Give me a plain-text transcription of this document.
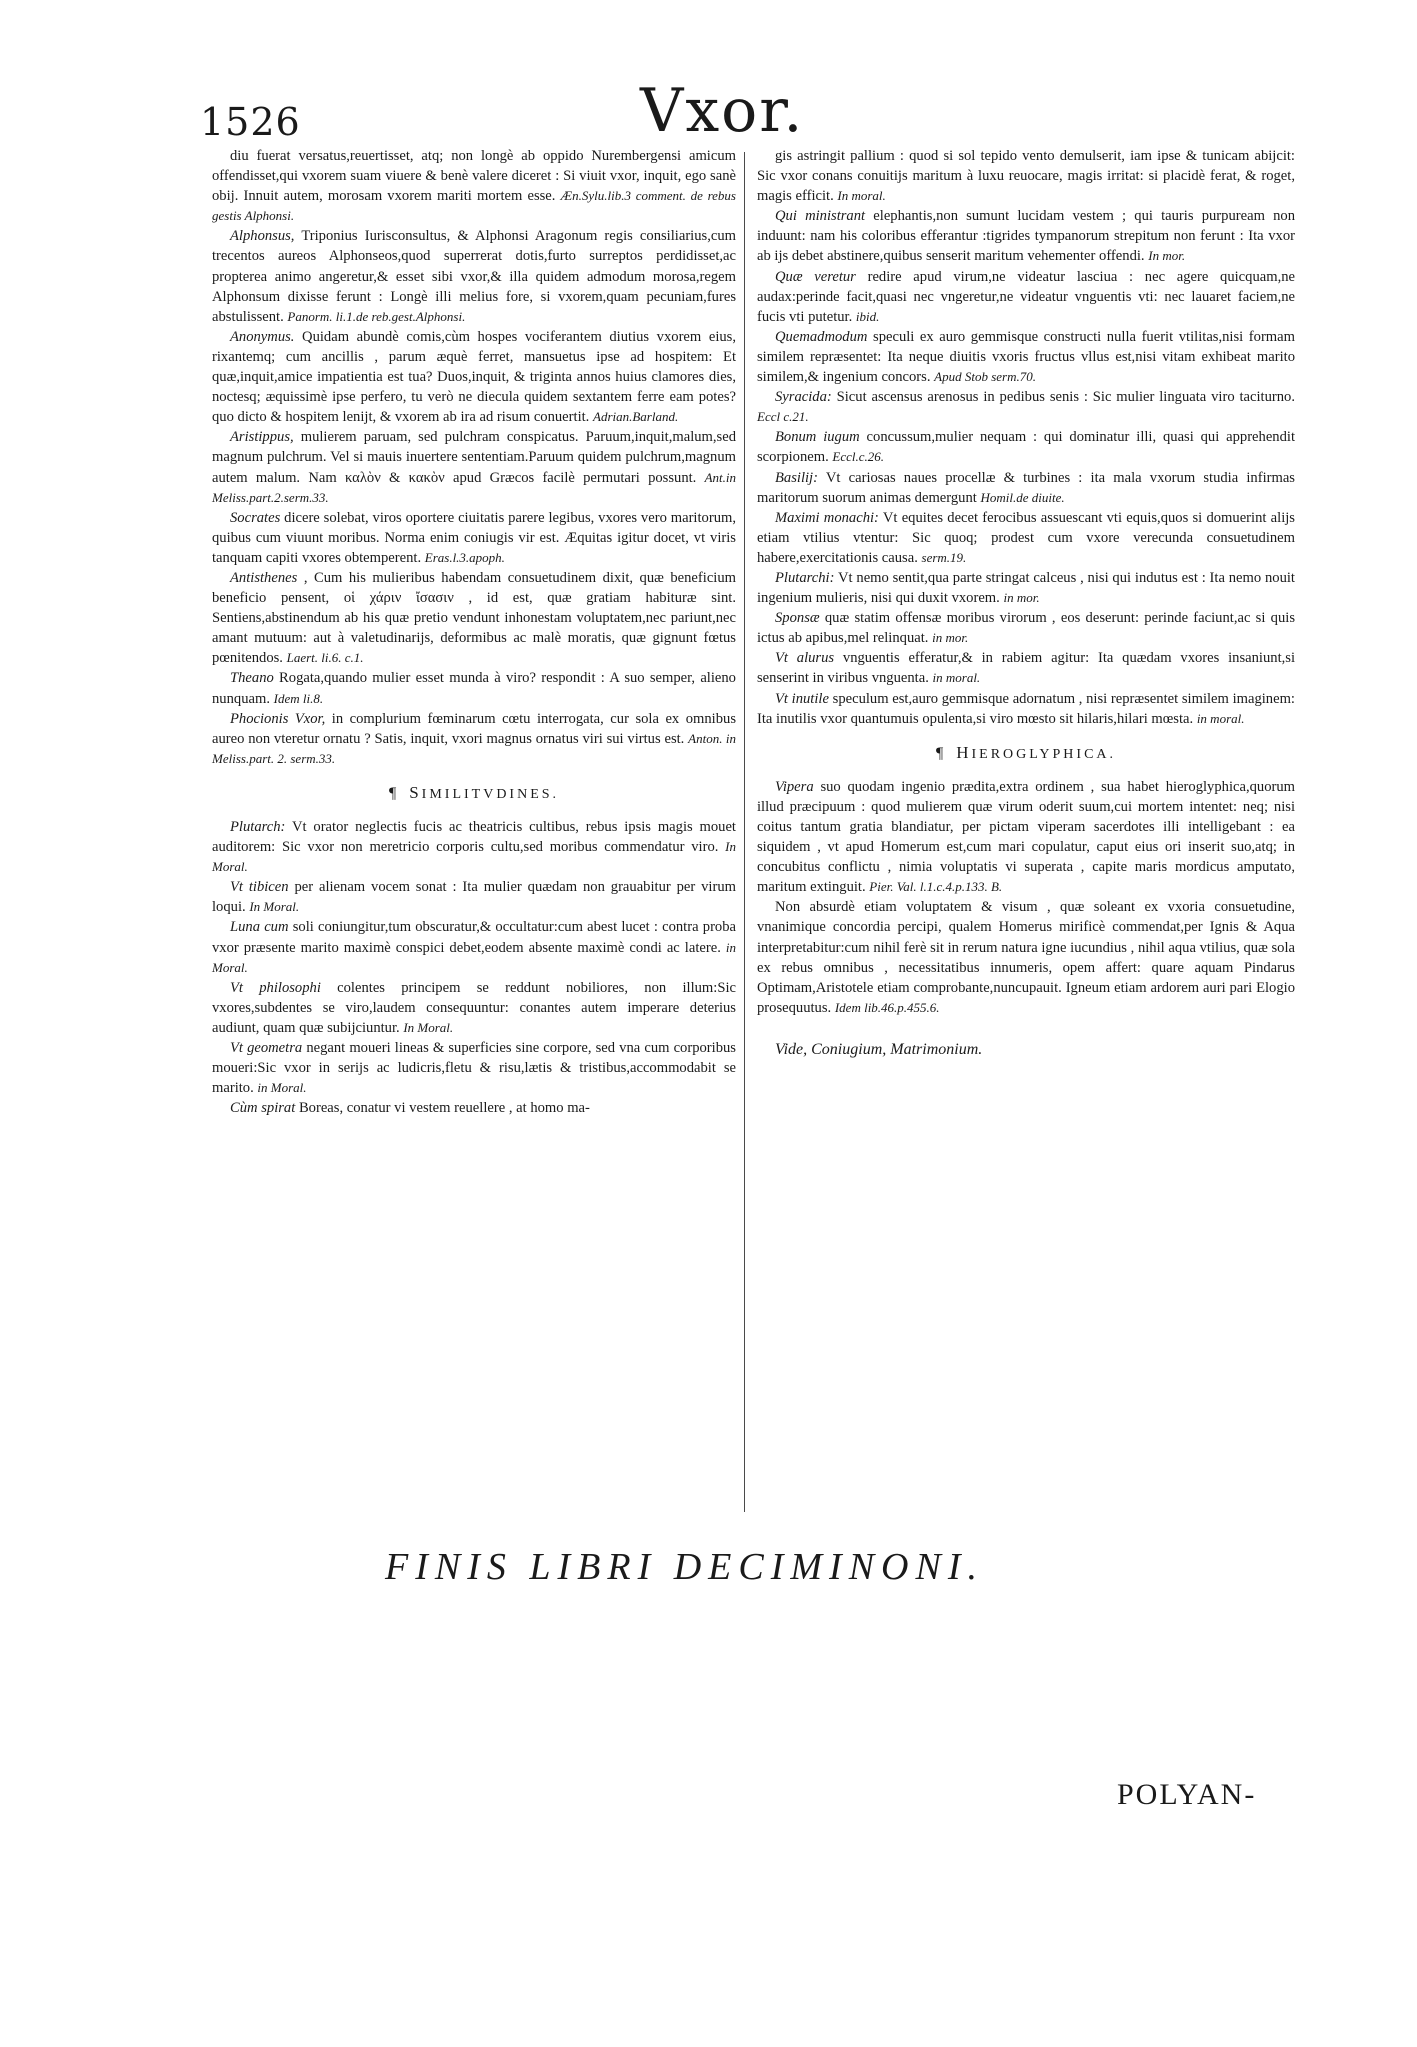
1526	Vxor.

diu fuerat versatus,reuertisset, atq; non longè ab oppido Nurembergensi amicum offendisset,qui vxorem suam viuere & benè valere diceret : Si viuit vxor, inquit, ego sanè obij. Innuit autem, morosam vxorem mariti mortem esse. Æn.Sylu.lib.3 comment. de rebus gestis Alphonsi.

Alphonsus, Triponius Iurisconsultus, & Alphonsi Aragonum regis consiliarius,cum trecentos aureos Alphonseos,quod superrerat dotis,furto surreptos perdidisset,ac propterea animo angeretur,& esset sibi vxor,& illa quidem admodum morosa,regem Alphonsum dixisse ferunt : Longè illi melius fore, si vxorem,quam pecuniam,fures abstulissent. Panorm. li.1.de reb.gest.Alphonsi.

Anonymus. Quidam abundè comis,cùm hospes vociferantem diutius vxorem eius, rixantemq; cum ancillis , parum æquè ferret, mansuetus ipse ad hospitem: Et quæ,inquit,amice impatientia est tua? Duos,inquit, & triginta annos huius clamores dies, noctesq; æquissimè ipse perfero, tu verò ne diecula quidem sextantem ferre eam potes? quo dicto & hospitem lenijt, & vxorem ab ira ad risum conuertit. Adrian.Barland.

Aristippus, mulierem paruam, sed pulchram conspicatus. Paruum,inquit,malum,sed magnum pulchrum. Vel si mauis inuertere sententiam.Paruum quidem pulchrum,magnum autem malum. Nam καλὸν & κακὸν apud Græcos facilè permutari possunt. Ant.in Meliss.part.2.serm.33.

Socrates dicere solebat, viros oportere ciuitatis parere legibus, vxores vero maritorum, quibus cum viuunt moribus. Norma enim coniugis vir est. Æquitas igitur docet, vt viris tanquam capiti vxores obtemperent. Eras.l.3.apoph.

Antisthenes , Cum his mulieribus habendam consuetudinem dixit, quæ beneficium beneficio pensent, οἱ χάριν ἴσασιν , id est, quæ gratiam habituræ sint. Sentiens,abstinendum ab his quæ pretio vendunt inhonestam voluptatem,nec pariunt,nec amant mutuum: aut à valetudinarijs, deformibus ac malè moratis, quæ gignunt fœtus pœnitendos. Laert. li.6. c.1.

Theano Rogata,quando mulier esset munda à viro? respondit : A suo semper, alieno nunquam. Idem li.8.

Phocionis Vxor, in complurium fœminarum cœtu interrogata, cur sola ex omnibus aureo non vteretur ornatu ? Satis, inquit, vxori magnus ornatus viri sui virtus est. Anton. in Meliss.part. 2. serm.33.

¶ SIMILITVDINES.

Plutarch: Vt orator neglectis fucis ac theatricis cultibus, rebus ipsis magis mouet auditorem: Sic vxor non meretricio corporis cultu,sed moribus commendatur viro. In Moral.

Vt tibicen per alienam vocem sonat : Ita mulier quædam non grauabitur per virum loqui. In Moral.

Luna cum soli coniungitur,tum obscuratur,& occultatur:cum abest lucet : contra proba vxor præsente marito maximè conspici debet,eodem absente maximè condi ac latere. in Moral.

Vt philosophi colentes principem se reddunt nobiliores, non illum:Sic vxores,subdentes se viro,laudem consequuntur: conantes autem imperare deterius audiunt, quam quæ subijciuntur. In Moral.

Vt geometra negant moueri lineas & superficies sine corpore, sed vna cum corporibus moueri:Sic vxor in serijs ac ludicris,fletu & risu,lætis & tristibus,accommodabit se marito. in Moral.

Cùm spirat Boreas, conatur vi vestem reuellere , at homo ma-

gis astringit pallium : quod si sol tepido vento demulserit, iam ipse & tunicam abijcit: Sic vxor conans conuitijs maritum à luxu reuocare, magis irritat: si placidè ferat, & roget, magis efficit. In moral.

Qui ministrant elephantis,non sumunt lucidam vestem ; qui tauris purpuream non induunt: nam his coloribus efferantur :tigrides tympanorum strepitum non ferunt : Ita vxor ab ijs debet abstinere,quibus senserit maritum vehementer offendi. In mor.

Quæ veretur redire apud virum,ne videatur lasciua : nec agere quicquam,ne audax:perinde facit,quasi nec vngeretur,ne videatur vnguentis vti: nec lauaret faciem,ne fucis vti putetur. ibid.

Quemadmodum speculi ex auro gemmisque constructi nulla fuerit vtilitas,nisi formam similem repræsentet: Ita neque diuitis vxoris fructus vllus est,nisi vitam exhibeat marito similem,& ingenium concors. Apud Stob serm.70.

Syracida: Sicut ascensus arenosus in pedibus senis : Sic mulier linguata viro taciturno. Eccl c.21.

Bonum iugum concussum,mulier nequam : qui dominatur illi, quasi qui apprehendit scorpionem. Eccl.c.26.

Basilij: Vt cariosas naues procellæ & turbines : ita mala vxorum studia infirmas maritorum suorum animas demergunt Homil.de diuite.

Maximi monachi: Vt equites decet ferocibus assuescant vti equis,quos si domuerint alijs etiam vtilius vtentur: Sic quoq; prodest cum vxore verecunda consuetudinem habere,exercitationis causa. serm.19.

Plutarchi: Vt nemo sentit,qua parte stringat calceus , nisi qui indutus est : Ita nemo nouit ingenium mulieris, nisi qui duxit vxorem. in mor.

Sponsæ quæ statim offensæ moribus virorum , eos deserunt: perinde faciunt,ac si quis ictus ab apibus,mel relinquat. in mor.

Vt alurus vnguentis efferatur,& in rabiem agitur: Ita quædam vxores insaniunt,si senserint in viribus vnguenta. in moral.

Vt inutile speculum est,auro gemmisque adornatum , nisi repræsentet similem imaginem: Ita inutilis vxor quantumuis opulenta,si viro mœsto sit hilaris,hilari mœsta. in moral.

¶ HIEROGLYPHICA.

Vipera suo quodam ingenio prædita,extra ordinem , sua habet hieroglyphica,quorum illud præcipuum : quod mulierem quæ virum oderit suum,cui mortem intentet: neq; nisi coitus tantum gratia blandiatur, per pictam viperam sacerdotes illi intelligebant : ea siquidem , vt apud Homerum est,cum mari copulatur, caput eius ori inserit suo,atq; in concubitus conflictu , nimia voluptatis vi superata , capite maris mordicus amputato, maritum extinguit. Pier. Val. l.1.c.4.p.133. B.

Non absurdè etiam voluptatem & visum , quæ soleant ex vxoria consuetudine, vnanimique concordia percipi, qualem Homerus mirificè commendat,per Ignis & Aqua interpretabitur:cum nihil ferè sit in rerum natura igne iucundius , nihil aqua vtilius, quæ sola ex rebus omnibus , necessitatibus innumeris, opem affert: quare aquam Pindarus Optimam,Aristotele etiam comprobante,nuncupauit. Igneum etiam ardorem auri pari Elogio prosequutus. Idem lib.46.p.455.6.

Vide, Coniugium, Matrimonium.

FINIS LIBRI DECIMINONI.
POLYAN-
